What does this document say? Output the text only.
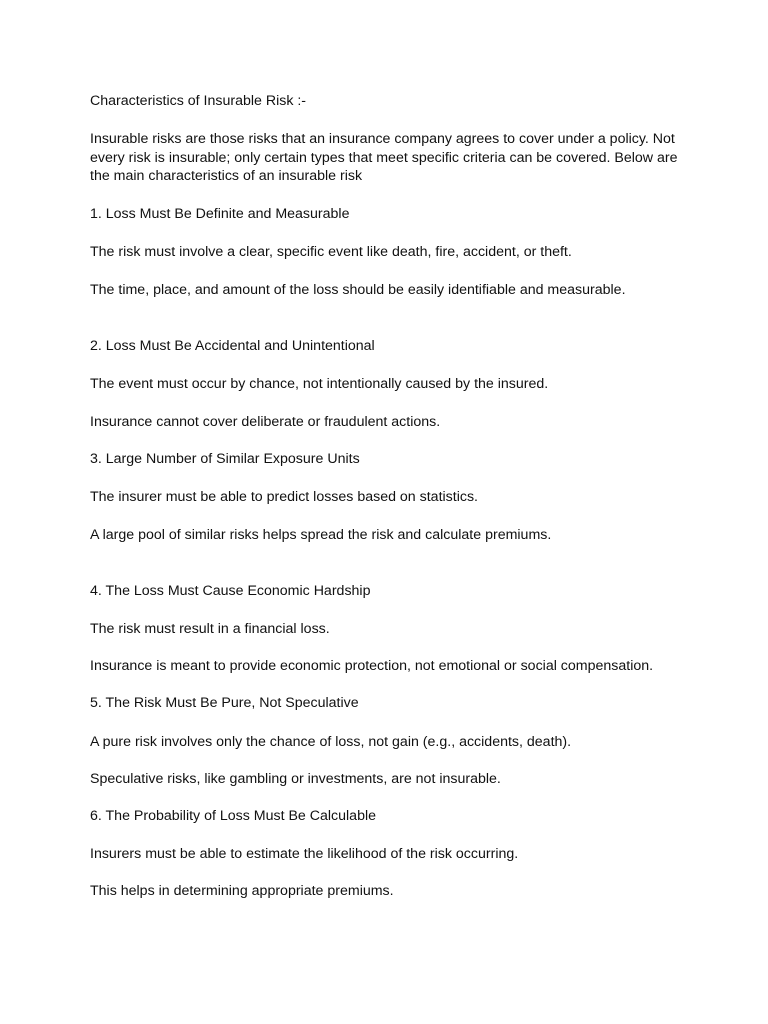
Characteristics of Insurable Risk :-

Insurable risks are those risks that an insurance company agrees to cover under a policy. Not every risk is insurable; only certain types that meet specific criteria can be covered. Below are the main characteristics of an insurable risk

1. Loss Must Be Definite and Measurable

The risk must involve a clear, specific event like death, fire, accident, or theft.

The time, place, and amount of the loss should be easily identifiable and measurable.

2. Loss Must Be Accidental and Unintentional

The event must occur by chance, not intentionally caused by the insured.

Insurance cannot cover deliberate or fraudulent actions.

3. Large Number of Similar Exposure Units

The insurer must be able to predict losses based on statistics.

A large pool of similar risks helps spread the risk and calculate premiums.

4. The Loss Must Cause Economic Hardship

The risk must result in a financial loss.

Insurance is meant to provide economic protection, not emotional or social compensation.

5. The Risk Must Be Pure, Not Speculative

A pure risk involves only the chance of loss, not gain (e.g., accidents, death).

Speculative risks, like gambling or investments, are not insurable.

6. The Probability of Loss Must Be Calculable

Insurers must be able to estimate the likelihood of the risk occurring.

This helps in determining appropriate premiums.
